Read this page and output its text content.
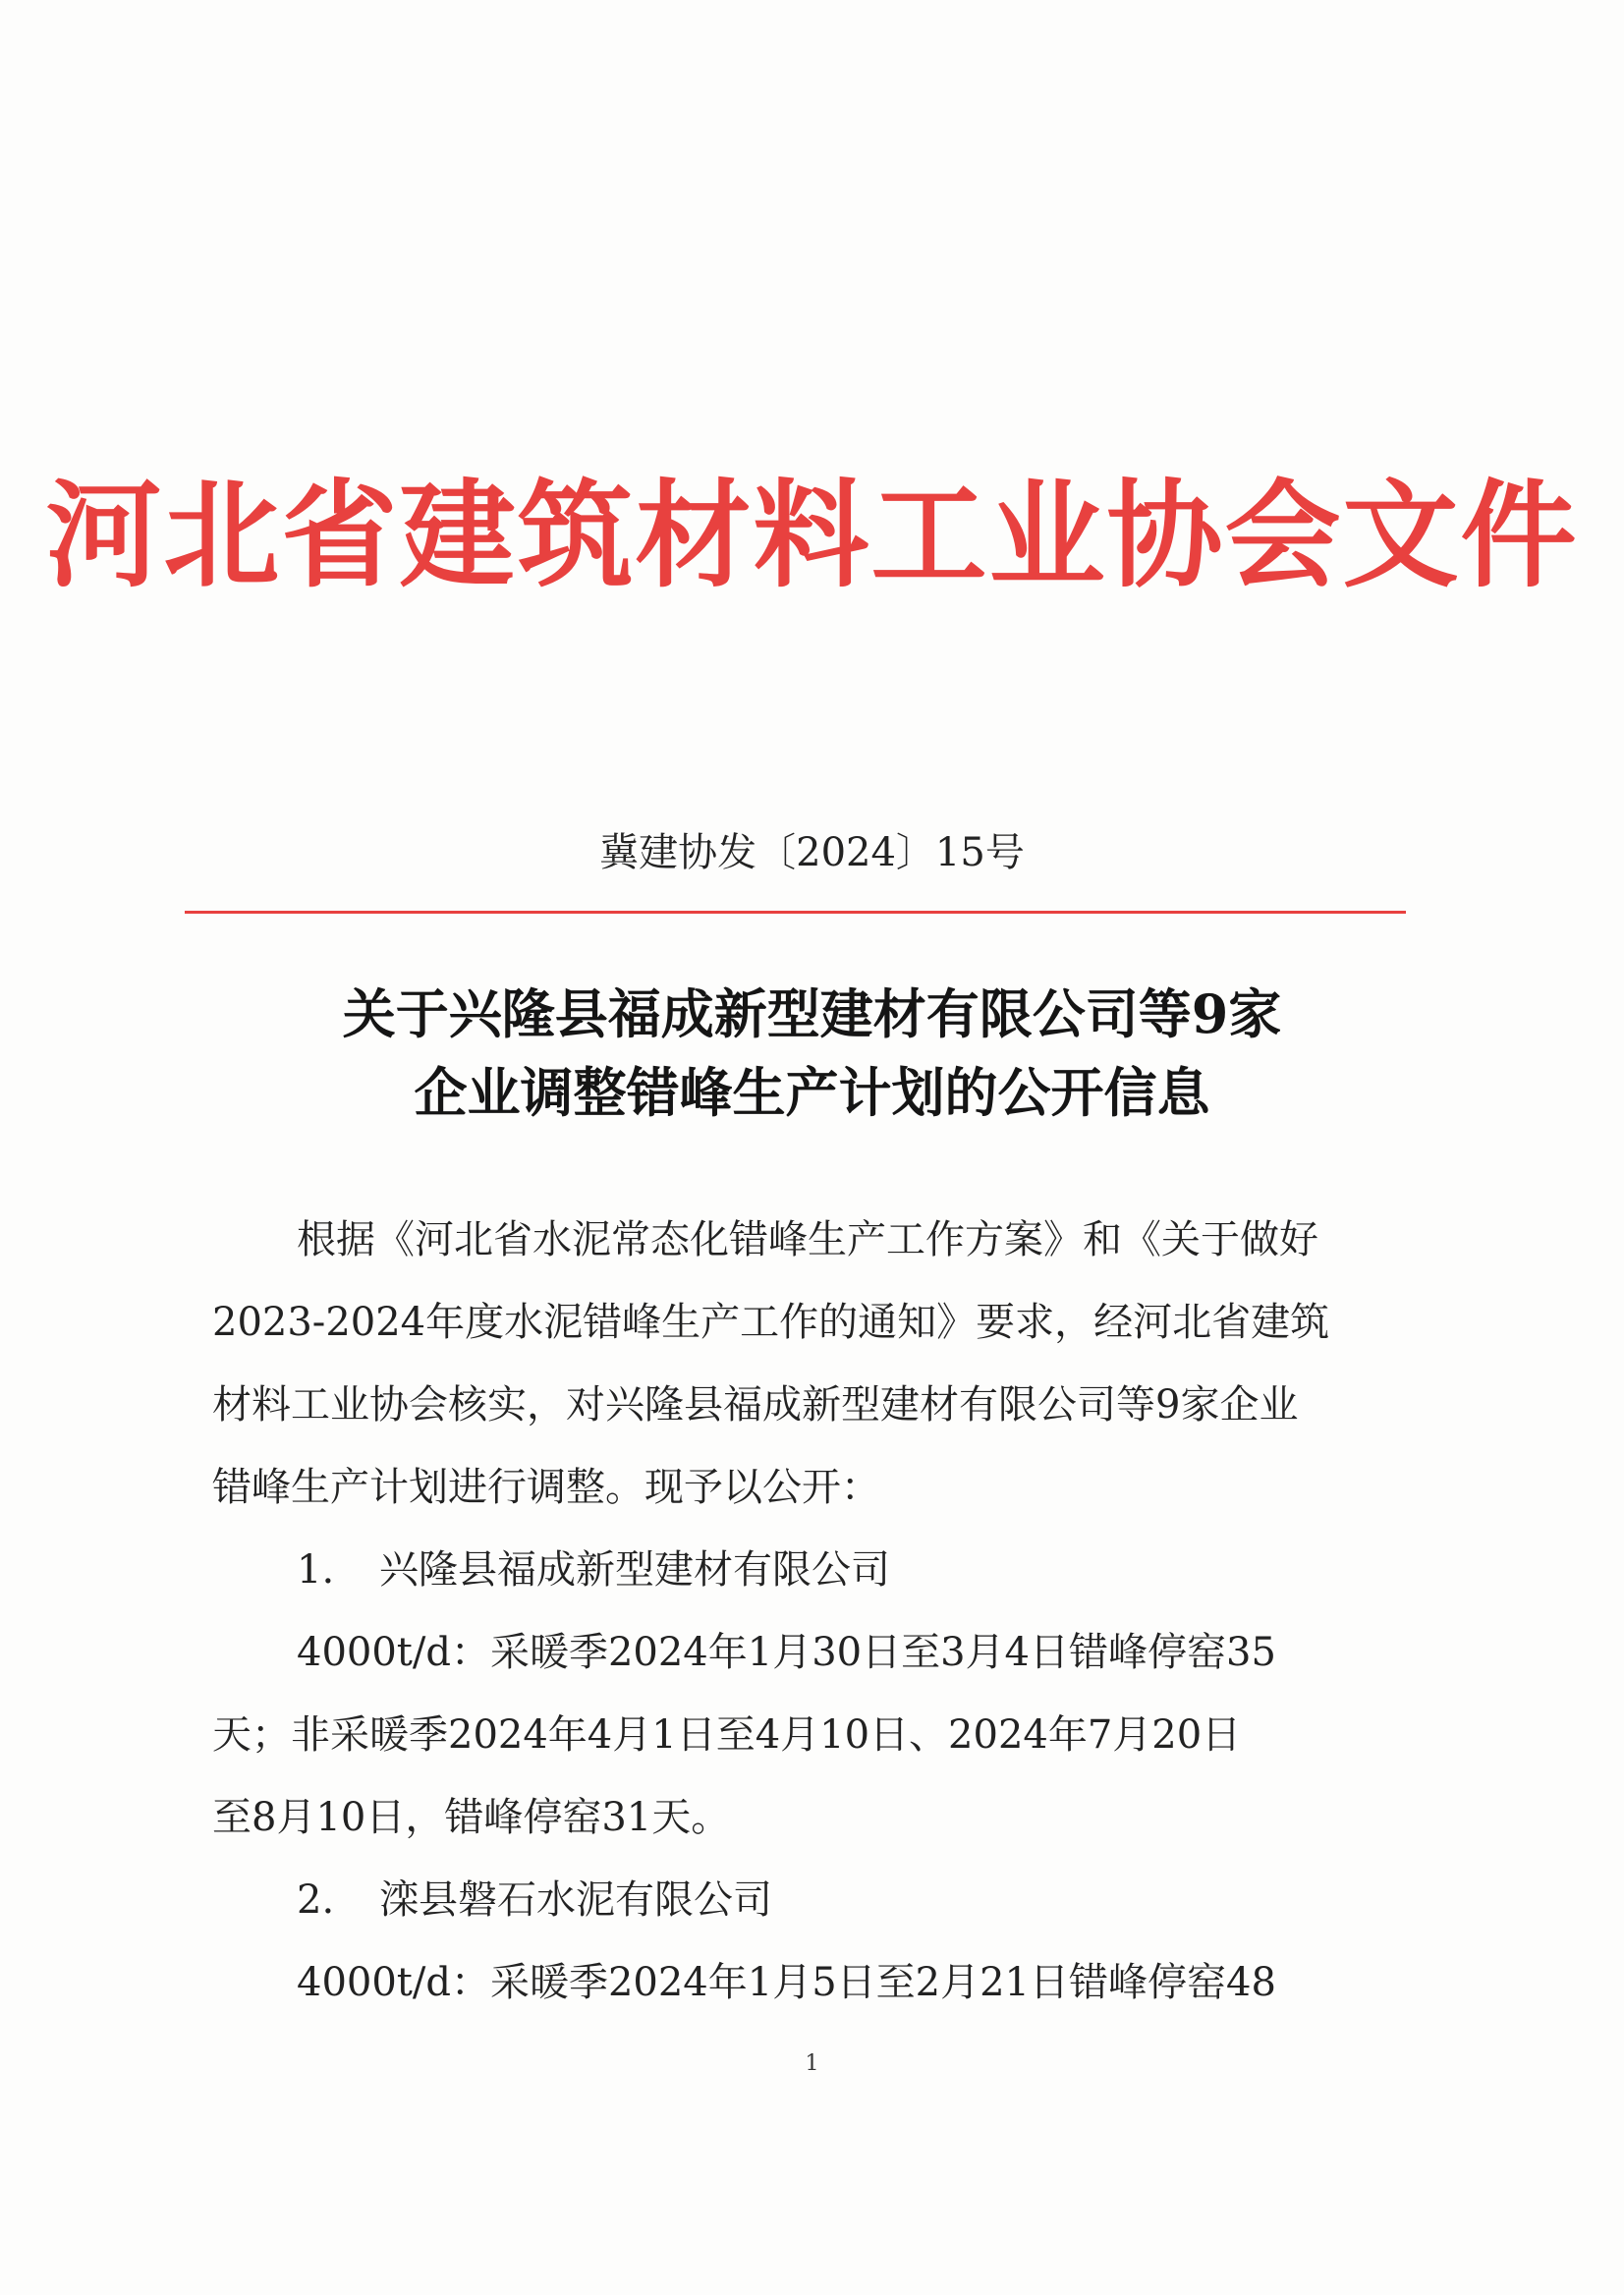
河北省建筑材料工业协会文件
冀建协发〔2024〕15号
关于兴隆县福成新型建材有限公司等9家
企业调整错峰生产计划的公开信息
根据《河北省水泥常态化错峰生产工作方案》和《关于做好
2023-2024年度水泥错峰生产工作的通知》要求，经河北省建筑
材料工业协会核实，对兴隆县福成新型建材有限公司等9家企业
错峰生产计划进行调整。现予以公开：
1. 兴隆县福成新型建材有限公司
4000t/d：采暖季2024年1月30日至3月4日错峰停窑35
天；非采暖季2024年4月1日至4月10日、2024年7月20日
至8月10日，错峰停窑31天。
2. 滦县磐石水泥有限公司
4000t/d：采暖季2024年1月5日至2月21日错峰停窑48
1
